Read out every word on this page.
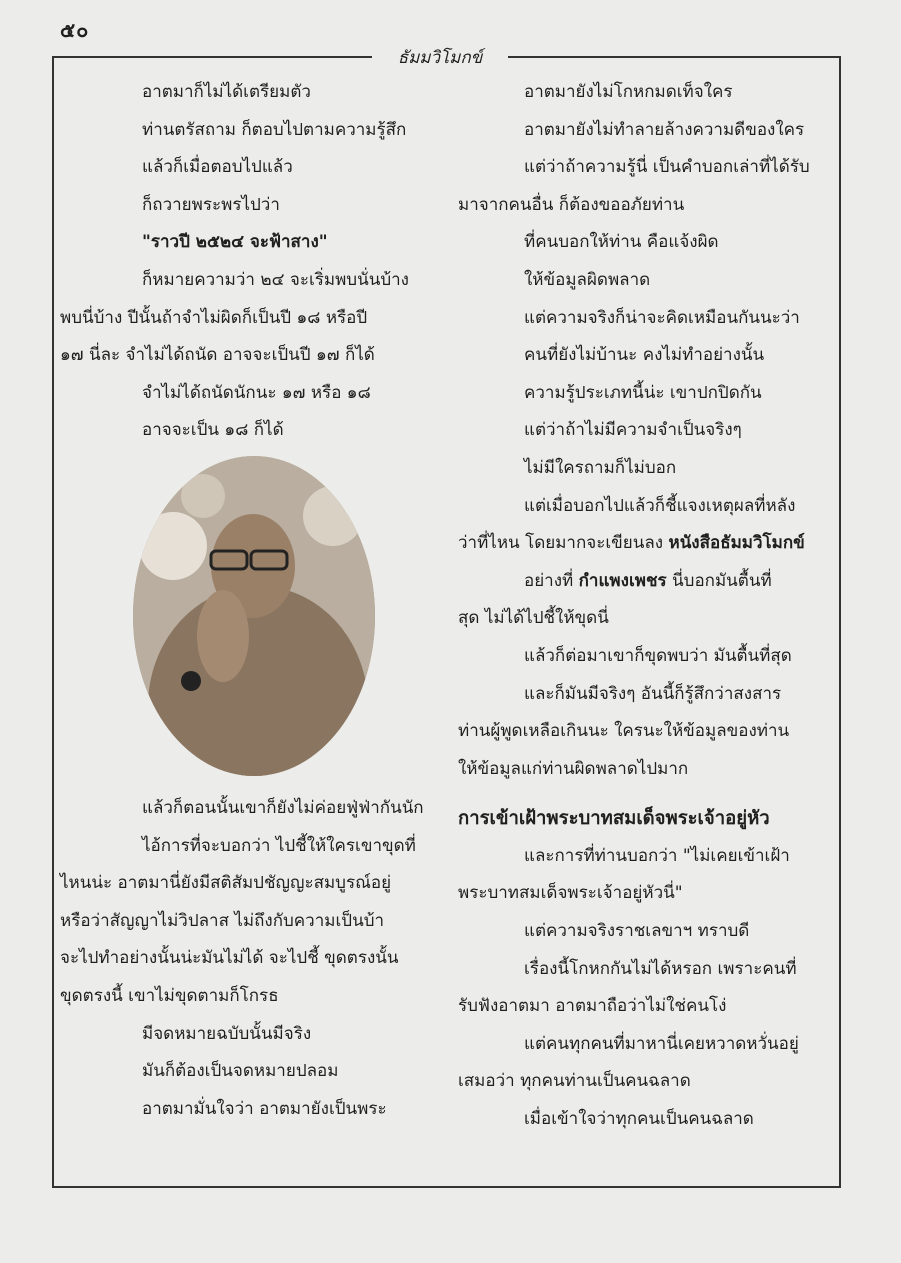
๕๐
ธัมมวิโมกข์
อาตมาก็ไม่ได้เตรียมตัว
ท่านตรัสถาม ก็ตอบไปตามความรู้สึก
แล้วก็เมื่อตอบไปแล้ว
ก็ถวายพระพรไปว่า
"ราวปี ๒๕๒๔ จะฟ้าสาง"
ก็หมายความว่า ๒๔ จะเริ่มพบนั่นบ้าง
พบนี่บ้าง ปีนั้นถ้าจำไม่ผิดก็เป็นปี ๑๘ หรือปี
๑๗ นี่ละ จำไม่ได้ถนัด อาจจะเป็นปี ๑๗ ก็ได้
จำไม่ได้ถนัดนักนะ ๑๗ หรือ ๑๘
อาจจะเป็น ๑๘ ก็ได้
แล้วก็ตอนนั้นเขาก็ยังไม่ค่อยฟู่ฟ่ากันนัก
ไอ้การที่จะบอกว่า ไปชี้ให้ใครเขาขุดที่
ไหนน่ะ อาตมานี่ยังมีสติสัมปชัญญะสมบูรณ์อยู่
หรือว่าสัญญาไม่วิปลาส ไม่ถึงกับความเป็นบ้า
จะไปทำอย่างนั้นน่ะมันไม่ได้ จะไปชี้ ขุดตรงนั้น
ขุดตรงนี้ เขาไม่ขุดตามก็โกรธ
มีจดหมายฉบับนั้นมีจริง
มันก็ต้องเป็นจดหมายปลอม
อาตมามั่นใจว่า อาตมายังเป็นพระ
อาตมายังไม่โกหกมดเท็จใคร
อาตมายังไม่ทำลายล้างความดีของใคร
แต่ว่าถ้าความรู้นี่ เป็นคำบอกเล่าที่ได้รับ
มาจากคนอื่น ก็ต้องขออภัยท่าน
ที่คนบอกให้ท่าน คือแจ้งผิด
ให้ข้อมูลผิดพลาด
แต่ความจริงก็น่าจะคิดเหมือนกันนะว่า
คนที่ยังไม่บ้านะ คงไม่ทำอย่างนั้น
ความรู้ประเภทนี้น่ะ เขาปกปิดกัน
แต่ว่าถ้าไม่มีความจำเป็นจริงๆ
ไม่มีใครถามก็ไม่บอก
แต่เมื่อบอกไปแล้วก็ชี้แจงเหตุผลที่หลัง
ว่าที่ไหน โดยมากจะเขียนลง หนังสือธัมมวิโมกข์
อย่างที่ กำแพงเพชร นี่บอกมันตื้นที่
สุด ไม่ได้ไปชี้ให้ขุดนี่
แล้วก็ต่อมาเขาก็ขุดพบว่า มันตื้นที่สุด
และก็มันมีจริงๆ อันนี้ก็รู้สึกว่าสงสาร
ท่านผู้พูดเหลือเกินนะ ใครนะให้ข้อมูลของท่าน
ให้ข้อมูลแก่ท่านผิดพลาดไปมาก
การเข้าเฝ้าพระบาทสมเด็จพระเจ้าอยู่หัว
และการที่ท่านบอกว่า "ไม่เคยเข้าเฝ้า
พระบาทสมเด็จพระเจ้าอยู่หัวนี่"
แต่ความจริงราชเลขาฯ ทราบดี
เรื่องนี้โกหกกันไม่ได้หรอก เพราะคนที่
รับฟังอาตมา อาตมาถือว่าไม่ใช่คนโง่
แต่คนทุกคนที่มาหานี่เคยหวาดหวั่นอยู่
เสมอว่า ทุกคนท่านเป็นคนฉลาด
เมื่อเข้าใจว่าทุกคนเป็นคนฉลาด
